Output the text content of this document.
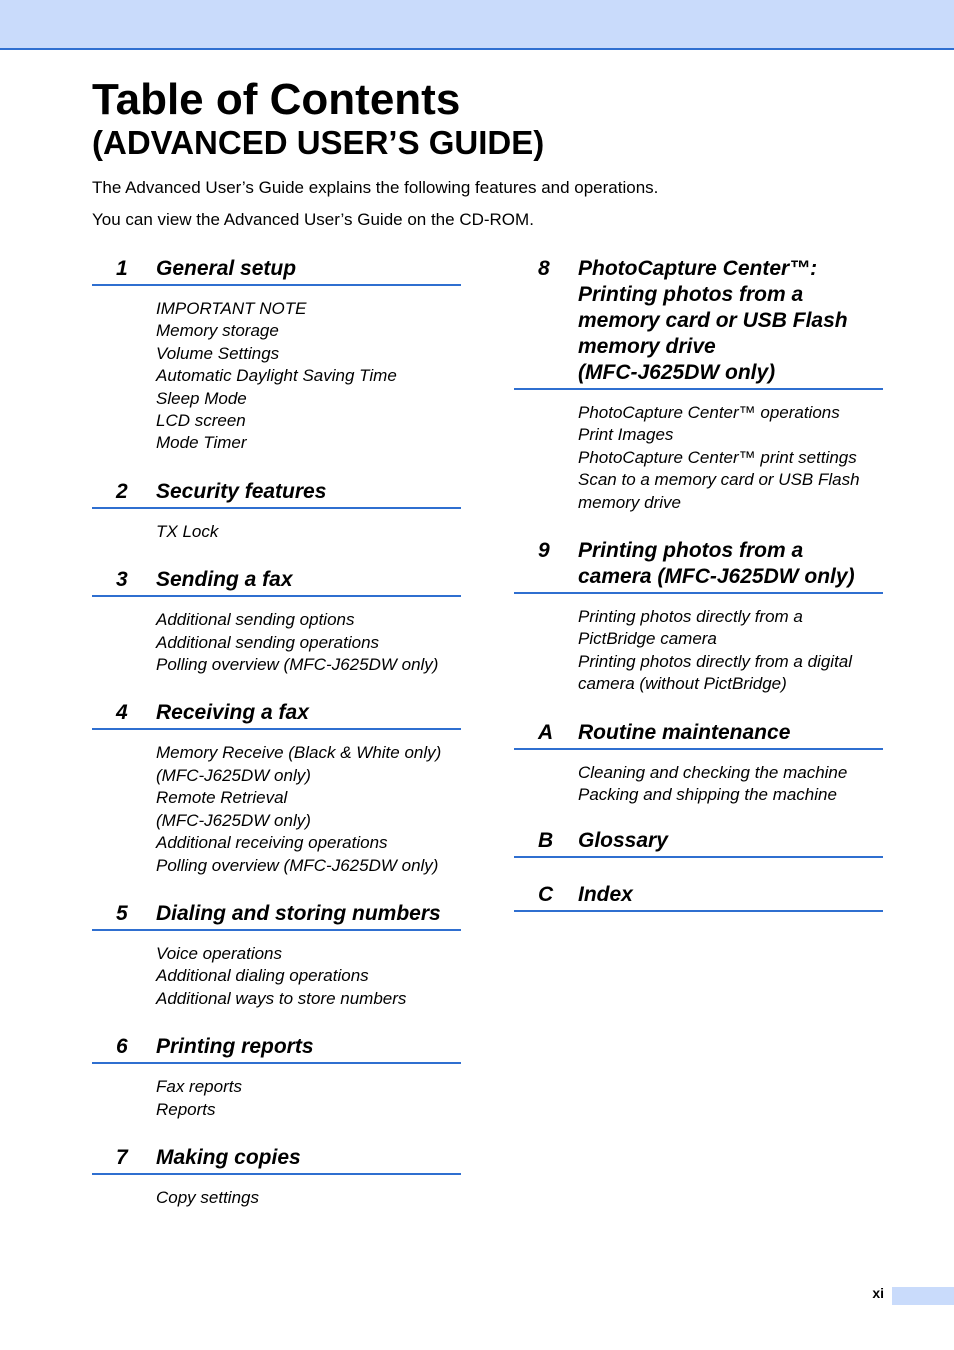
Table of Contents
(ADVANCED USER’S GUIDE)

The Advanced User’s Guide explains the following features and operations.

You can view the Advanced User’s Guide on the CD-ROM.

1	General setup
IMPORTANT NOTE
Memory storage
Volume Settings
Automatic Daylight Saving Time
Sleep Mode
LCD screen
Mode Timer
2	Security features
TX Lock
3	Sending a fax
Additional sending options
Additional sending operations
Polling overview (MFC-J625DW only)
4	Receiving a fax
Memory Receive (Black & White only)
(MFC-J625DW only)
Remote Retrieval
(MFC-J625DW only)
Additional receiving operations
Polling overview (MFC-J625DW only)
5	Dialing and storing numbers
Voice operations
Additional dialing operations
Additional ways to store numbers
6	Printing reports
Fax reports
Reports
7	Making copies
Copy settings
8	PhotoCapture Center™:
Printing photos from a
memory card or USB Flash
memory drive
(MFC-J625DW only)
PhotoCapture Center™ operations
Print Images
PhotoCapture Center™ print settings
Scan to a memory card or USB Flash
memory drive
9	Printing photos from a
camera (MFC-J625DW only)
Printing photos directly from a
PictBridge camera
Printing photos directly from a digital
camera (without PictBridge)
A	Routine maintenance
Cleaning and checking the machine
Packing and shipping the machine
B	Glossary
C	Index
xi
